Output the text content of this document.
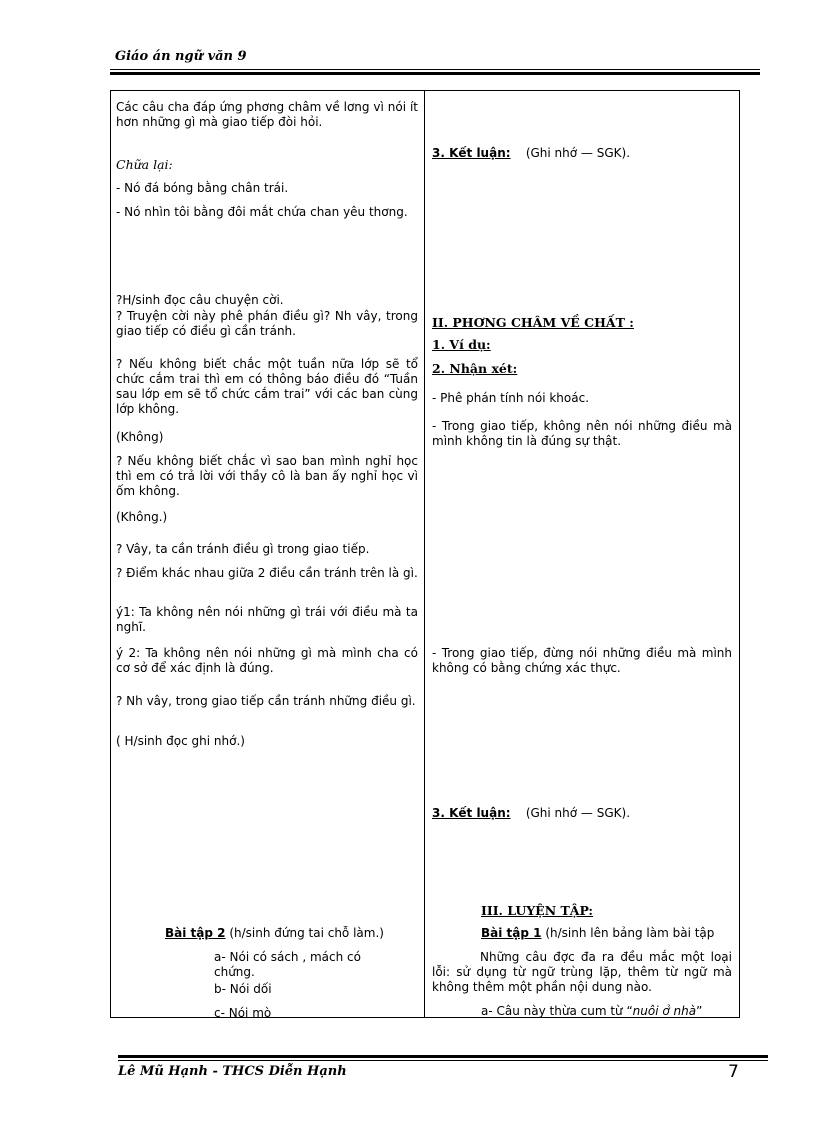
Giáo án ngữ văn 9
Các câu cha đáp ứng phơng châm về lơng vì nói ít hơn những gì mà giao tiếp đòi hỏi.
Chữa lại:
- Nó đá bóng bằng chân trái.
- Nó nhìn tôi bằng đôi mắt chứa chan yêu thơng.
?H/sinh đọc câu chuyện cời.
? Truyện cời này phê phán điều gì? Nh vây, trong giao tiếp có điều gì cần tránh.
? Nếu không biết chắc một tuần nữa lớp sẽ tổ chức cắm trai thì em có thông báo điều đó “Tuần sau lớp em sẽ tổ chức cắm trai” với các ban cùng lớp không.
(Không)
? Nếu không biết chắc vì sao ban mình nghỉ học thì em có trả lời với thầy cô là ban ấy nghỉ học vì ốm không.
(Không.)
? Vây, ta cần tránh điều gì trong giao tiếp.
? Điểm khác nhau giữa 2 điều cần tránh trên là gì.
ý1: Ta không nên nói những gì trái với điều mà ta nghĩ.
ý 2: Ta không nên nói những gì mà mình cha có cơ sở để xác định là đúng.
? Nh vây, trong giao tiếp cần tránh những điều gì.
( H/sinh đọc ghi nhớ.)
Bài tập 2 (h/sinh đứng tai chỗ làm.)
a- Nói có sách , mách có chứng.
b- Nói dối
c- Nói mò
3. Kết luận: (Ghi nhớ — SGK).
II. PHƠNG CHÂM VỀ CHẤT :
1. Ví dụ:
2. Nhận xét:
- Phê phán tính nói khoác.
- Trong giao tiếp, không nên nói những điều mà mình không tin là đúng sự thật.
- Trong giao tiếp, đừng nói những điều mà mình không có bằng chứng xác thực.
3. Kết luận: (Ghi nhớ — SGK).
III. LUYỆN TẬP:
Bài tập 1 (h/sinh lên bảng làm bài tập
Những câu đợc đa ra đều mắc một loại lỗi: sử dụng từ ngữ trùng lặp, thêm từ ngữ mà không thêm một phần nội dung nào.
a- Câu này thừa cum từ “nuôi ở nhà”
Lê Mũ Hạnh - THCS Diễn Hạnh	7
